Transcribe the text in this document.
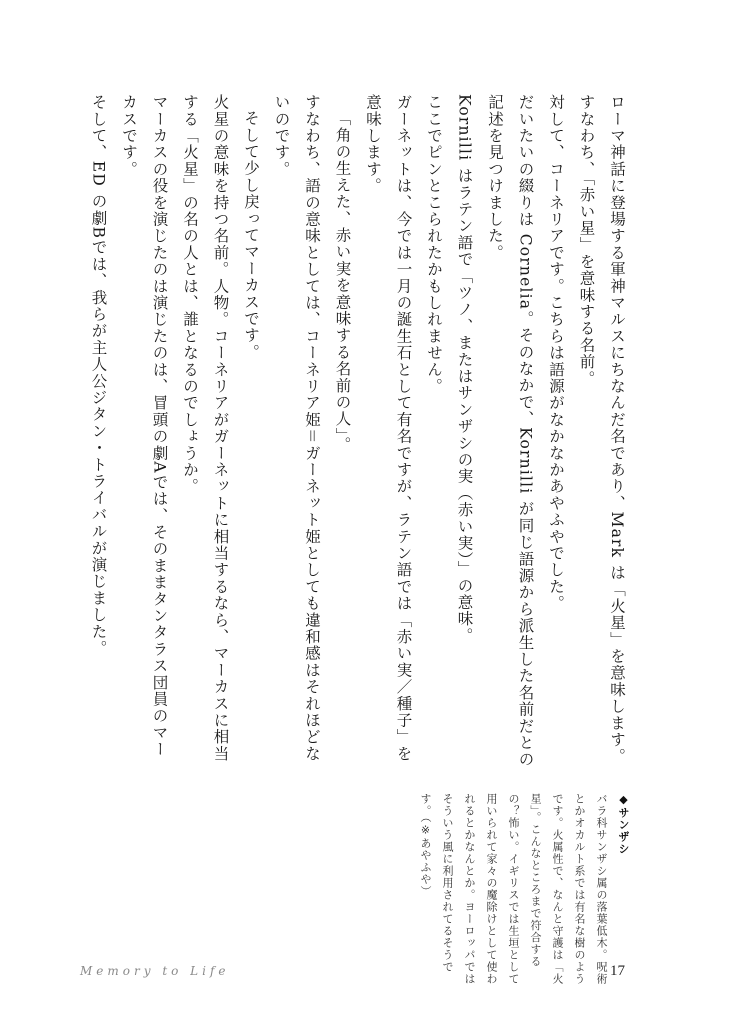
ローマ神話に登場する軍神マルスにちなんだ名であり、Mark は「火星」を意味します。

すなわち、「赤い星」を意味する名前。

対して、コーネリアです。こちらは語源がなかなかあやふやでした。

だいたいの綴りは Cornelia。そのなかで、Kornilli が同じ語源から派生した名前だとの記述を見つけました。

Kornilli はラテン語で「ツノ、またはサンザシの実（赤い実）」の意味。

ここでピンとこられたかもしれません。

ガーネットは、今では一月の誕生石として有名ですが、ラテン語では「赤い実／種子」を意味します。

「角の生えた、赤い実を意味する名前の人」。

すなわち、語の意味としては、コーネリア姫＝ガーネット姫としても違和感はそれほどないのです。

そして少し戻ってマーカスです。

火星の意味を持つ名前。人物。コーネリアがガーネットに相当するなら、マーカスに相当する「火星」の名の人とは、誰となるのでしょうか。

マーカスの役を演じたのは演じたのは、冒頭の劇Aでは、そのままタンタラス団員のマーカスです。

そして、ED の劇Bでは、我らが主人公ジタン・トライバルが演じました。

◆サンザシ
バラ科サンザシ属の落葉低木。呪術とかオカルト系では有名な樹のようです。火属性で、なんと守護は「火星」。こんなところまで符合するの？怖い。イギリスでは生垣として用いられて家々の魔除けとして使われるとかなんとか。ヨーロッパではそういう風に利用されてるそうです。（※あやふや）
Memory to Life	17
